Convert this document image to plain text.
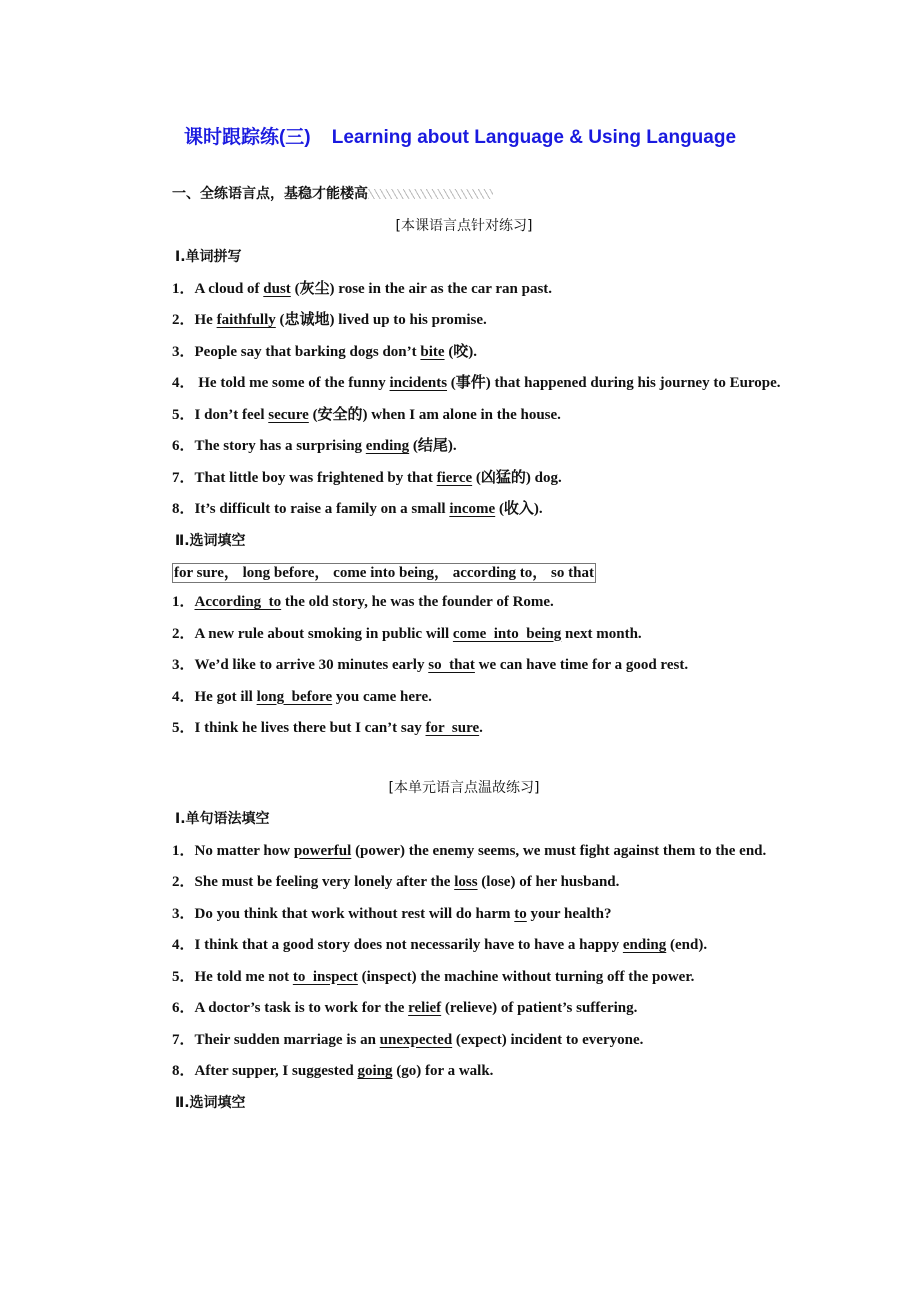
课时跟踪练(三)    Learning about Language & Using Language
一、全练语言点，基稳才能楼高
[本课语言点针对练习]
Ⅰ.单词拼写
1．A cloud of dust (灰尘) rose in the air as the car ran past.
2．He faithfully (忠诚地) lived up to his promise.
3．People say that barking dogs don’t bite (咬).
4． He told me some of the funny incidents (事件) that happened during his journey to Europe.
5．I don’t feel secure (安全的) when I am alone in the house.
6．The story has a surprising ending (结尾).
7．That little boy was frightened by that fierce (凶猛的) dog.
8．It’s difficult to raise a family on a small income (收入).
Ⅱ.选词填空
for sure， long before， come into being， according to， so that
1．According  to the old story, he was the founder of Rome.
2．A new rule about smoking in public will come  into  being next month.
3．We’d like to arrive 30 minutes early so  that we can have time for a good rest.
4．He got ill long  before you came here.
5．I think he lives there but I can’t say for  sure.
[本单元语言点温故练习]
Ⅰ.单句语法填空
1．No matter how powerful (power) the enemy seems, we must fight against them to the end.
2．She must be feeling very lonely after the loss (lose) of her husband.
3．Do you think that work without rest will do harm to your health?
4．I think that a good story does not necessarily have to have a happy ending (end).
5．He told me not to  inspect (inspect) the machine without turning off the power.
6．A doctor’s task is to work for the relief (relieve) of patient’s suffering.
7．Their sudden marriage is an unexpected (expect) incident to everyone.
8．After supper, I suggested going (go) for a walk.
Ⅱ.选词填空
